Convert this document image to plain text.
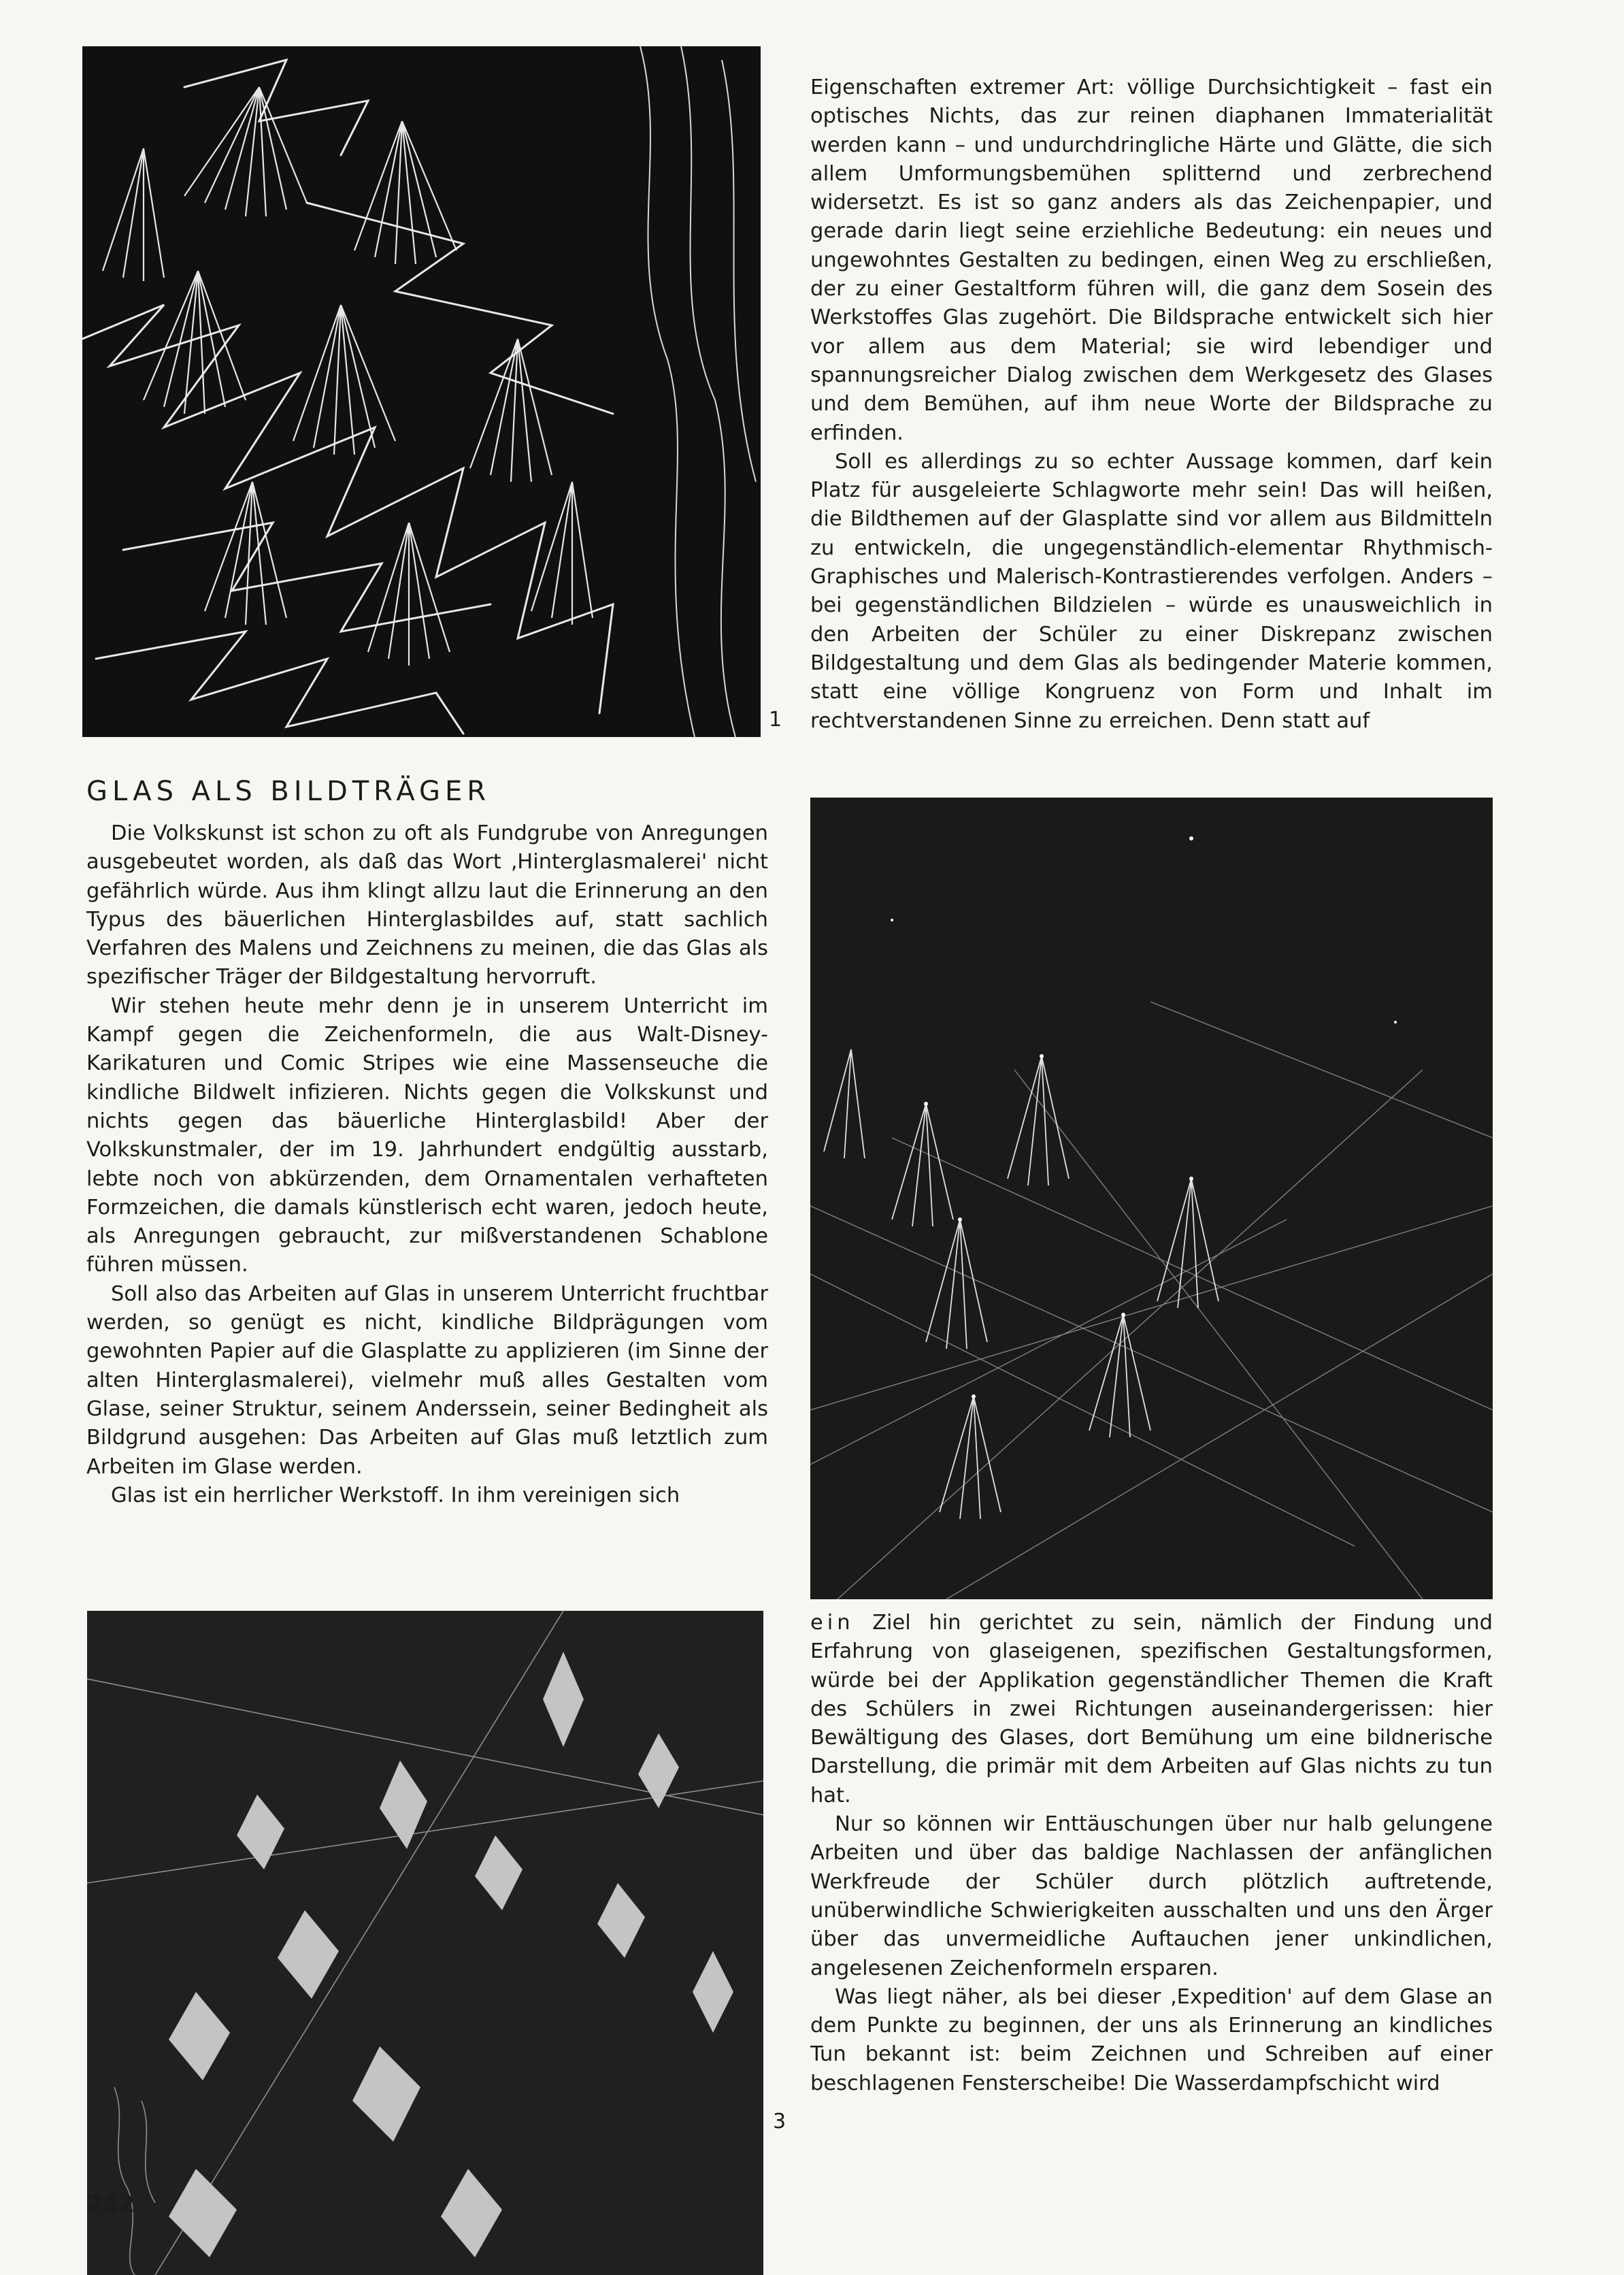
1
2
3
GLAS ALS BILDTRÄGER

Die Volkskunst ist schon zu oft als Fundgrube von Anregungen ausgebeutet worden, als daß das Wort ‚Hinterglasmalerei' nicht gefährlich würde. Aus ihm klingt allzu laut die Erinnerung an den Typus des bäuerlichen Hinterglasbildes auf, statt sachlich Verfahren des Malens und Zeichnens zu meinen, die das Glas als spezifischer Träger der Bildgestaltung hervorruft.

Wir stehen heute mehr denn je in unserem Unterricht im Kampf gegen die Zeichenformeln, die aus Walt-Disney-Karikaturen und Comic Stripes wie eine Massenseuche die kindliche Bildwelt infizieren. Nichts gegen die Volkskunst und nichts gegen das bäuerliche Hinterglasbild! Aber der Volkskunstmaler, der im 19. Jahrhundert endgültig ausstarb, lebte noch von abkürzenden, dem Ornamentalen verhafteten Formzeichen, die damals künstlerisch echt waren, jedoch heute, als Anregungen gebraucht, zur mißverstandenen Schablone führen müssen.

Soll also das Arbeiten auf Glas in unserem Unterricht fruchtbar werden, so genügt es nicht, kindliche Bildprägungen vom gewohnten Papier auf die Glasplatte zu applizieren (im Sinne der alten Hinterglasmalerei), vielmehr muß alles Gestalten vom Glase, seiner Struktur, seinem Anderssein, seiner Bedingheit als Bildgrund ausgehen: Das Arbeiten auf Glas muß letztlich zum Arbeiten im Glase werden.

Glas ist ein herrlicher Werkstoff. In ihm vereinigen sich

Eigenschaften extremer Art: völlige Durchsichtigkeit – fast ein optisches Nichts, das zur reinen diaphanen Immaterialität werden kann – und undurchdringliche Härte und Glätte, die sich allem Umformungsbemühen splitternd und zerbrechend widersetzt. Es ist so ganz anders als das Zeichenpapier, und gerade darin liegt seine erziehliche Bedeutung: ein neues und ungewohntes Gestalten zu bedingen, einen Weg zu erschließen, der zu einer Gestaltform führen will, die ganz dem Sosein des Werkstoffes Glas zugehört. Die Bildsprache entwickelt sich hier vor allem aus dem Material; sie wird lebendiger und spannungsreicher Dialog zwischen dem Werkgesetz des Glases und dem Bemühen, auf ihm neue Worte der Bildsprache zu erfinden.

Soll es allerdings zu so echter Aussage kommen, darf kein Platz für ausgeleierte Schlagworte mehr sein! Das will heißen, die Bildthemen auf der Glasplatte sind vor allem aus Bildmitteln zu entwickeln, die ungegenständlich-elementar Rhythmisch-Graphisches und Malerisch-Kontrastierendes verfolgen. Anders – bei gegenständlichen Bildzielen – würde es unausweichlich in den Arbeiten der Schüler zu einer Diskrepanz zwischen Bildgestaltung und dem Glas als bedingender Materie kommen, statt eine völlige Kongruenz von Form und Inhalt im rechtverstandenen Sinne zu erreichen. Denn statt auf

ein Ziel hin gerichtet zu sein, nämlich der Findung und Erfahrung von glaseigenen, spezifischen Gestaltungsformen, würde bei der Applikation gegenständlicher Themen die Kraft des Schülers in zwei Richtungen auseinandergerissen: hier Bewältigung des Glases, dort Bemühung um eine bildnerische Darstellung, die primär mit dem Arbeiten auf Glas nichts zu tun hat.

Nur so können wir Enttäuschungen über nur halb gelungene Arbeiten und über das baldige Nachlassen der anfänglichen Werkfreude der Schüler durch plötzlich auftretende, unüberwindliche Schwierigkeiten ausschalten und uns den Ärger über das unvermeidliche Auftauchen jener unkindlichen, angelesenen Zeichenformeln ersparen.

Was liegt näher, als bei dieser ‚Expedition' auf dem Glase an dem Punkte zu beginnen, der uns als Erinnerung an kindliches Tun bekannt ist: beim Zeichnen und Schreiben auf einer beschlagenen Fensterscheibe! Die Wasserdampfschicht wird

242
